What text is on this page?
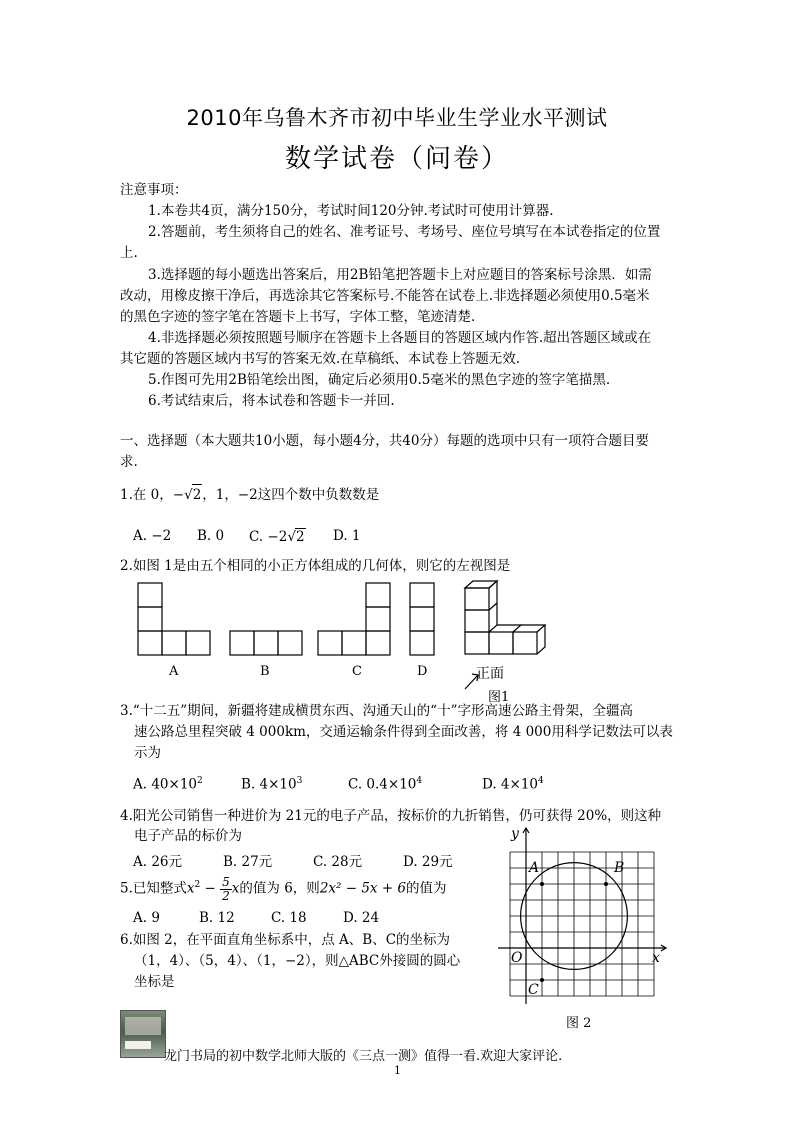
2010年乌鲁木齐市初中毕业生学业水平测试
数学试卷（问卷）
注意事项：
1.本卷共4页，满分150分，考试时间120分钟.考试时可使用计算器.
2.答题前，考生须将自己的姓名、准考证号、考场号、座位号填写在本试卷指定的位置
上.
3.选择题的每小题选出答案后，用2B铅笔把答题卡上对应题目的答案标号涂黑．如需
改动，用橡皮擦干净后，再选涂其它答案标号.不能答在试卷上.非选择题必须使用0.5毫米
的黑色字迹的签字笔在答题卡上书写，字体工整，笔迹清楚.
4.非选择题必须按照题号顺序在答题卡上各题目的答题区域内作答.超出答题区域或在
其它题的答题区域内书写的答案无效.在草稿纸、本试卷上答题无效.
5.作图可先用2B铅笔绘出图，确定后必须用0.5毫米的黑色字迹的签字笔描黑.
6.考试结束后，将本试卷和答题卡一并回.
一、选择题（本大题共10小题，每小题4分，共40分）每题的选项中只有一项符合题目要
求.
1.在 0，−√2，1，−2这四个数中负数数是
A. −2 B. 0 C. −2√2 D. 1
2.如图 1是由五个相同的小正方体组成的几何体，则它的左视图是
A	B	C	D	正面
图1
3.“十二五”期间，新疆将建成横贯东西、沟通天山的“十”字形高速公路主骨架，全疆高
速公路总里程突破 4 000km，交通运输条件得到全面改善，将 4 000用科学记数法可以表
示为
A. $40\times 10^2$	B. $4\times 10^3$	C. $0.4\times 10^4$	D. $4\times 10^4$
4.阳光公司销售一种进价为 21元的电子产品，按标价的九折销售，仍可获得 20%，则这种
电子产品的标价为
A. 26元	B. 27元	C. 28元	D. 29元
5.已知整式$x^2 - \frac{5}{2}$ x的值为 6，则2x² − 5x + 6的值为
A. 9	B. 12	C. 18	D. 24
6.如图 2，在平面直角坐标系中，点 A、B、C的坐标为
（1，4）、（5，4）、（1，−2），则△ABC外接圆的圆心
坐标是
y
x
O
A	B
C
图 2
龙门书局的初中数学北师大版的《三点一测》值得一看.欢迎大家评论.
1
